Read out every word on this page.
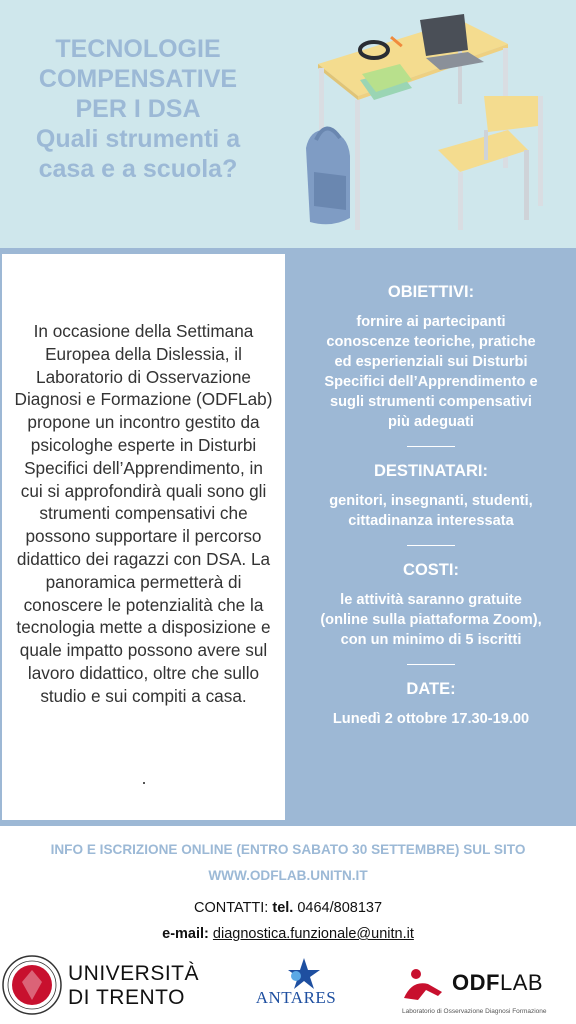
TECNOLOGIE
COMPENSATIVE
PER I DSA
Quali strumenti a
casa e a scuola?
In occasione della Settimana Europea della Dislessia, il Laboratorio di Osservazione Diagnosi e Formazione (ODFLab) propone un incontro gestito da psicologhe esperte in Disturbi Specifici dell’Apprendimento, in cui si approfondirà quali sono gli strumenti compensativi che possono supportare il percorso didattico dei ragazzi con DSA. La panoramica permetterà di conoscere le potenzialità che la tecnologia mette a disposizione e quale impatto possono avere sul lavoro didattico, oltre che sullo studio e sui compiti a casa.
OBIETTIVI:
fornire ai partecipanti conoscenze teoriche, pratiche ed esperienziali sui Disturbi Specifici dell’Apprendimento e sugli strumenti compensativi più adeguati
DESTINATARI:
genitori, insegnanti, studenti, cittadinanza interessata
COSTI:
le attività saranno gratuite (online sulla piattaforma Zoom), con un minimo di 5 iscritti
DATE:
Lunedì 2 ottobre 17.30-19.00
INFO E ISCRIZIONE ONLINE (ENTRO SABATO 30 SETTEMBRE) SUL SITO
WWW.ODFLAB.UNITN.IT
CONTATTI: tel. 0464/808137
e-mail: diagnostica.funzionale@unitn.it
UNIVERSITÀ
DI TRENTO	ANTARES
ODFLAB
Laboratorio di Osservazione Diagnosi Formazione
